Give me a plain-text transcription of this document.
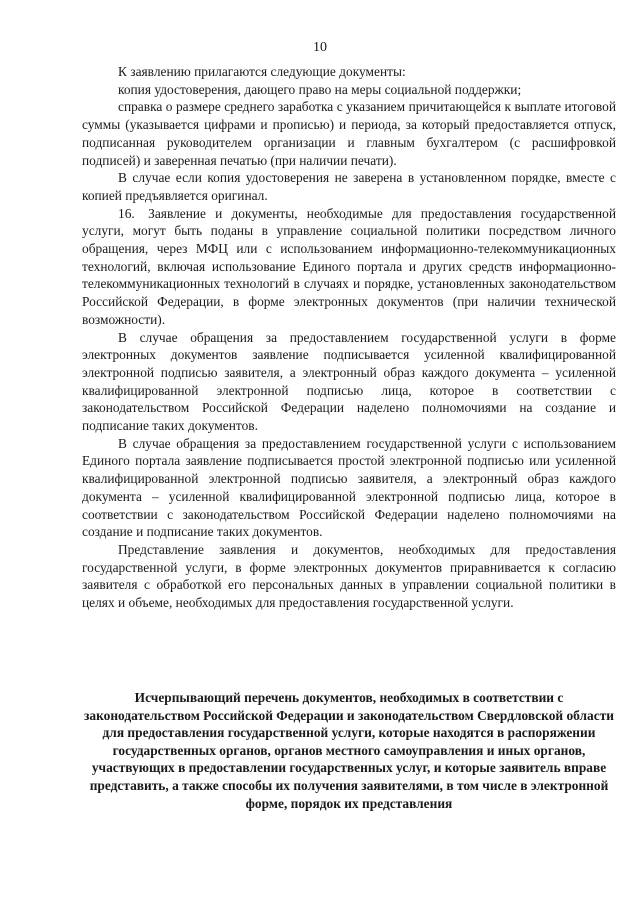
10

К заявлению прилагаются следующие документы:

копия удостоверения, дающего право на меры социальной поддержки;

справка о размере среднего заработка с указанием причитающейся к выплате итоговой суммы (указывается цифрами и прописью) и периода, за который предоставляется отпуск, подписанная руководителем организации и главным бухгалтером (с расшифровкой подписей) и заверенная печатью (при наличии печати).

В случае если копия удостоверения не заверена в установленном порядке, вместе с копией предъявляется оригинал.

16.  Заявление и документы, необходимые для предоставления государственной услуги, могут быть поданы в управление социальной политики посредством личного обращения, через МФЦ или с использованием информационно-телекоммуникационных технологий, включая использование Единого портала и других средств информационно-телекоммуникационных технологий в случаях и порядке, установленных законодательством Российской Федерации, в форме электронных документов (при наличии технической возможности).

В случае обращения за предоставлением государственной услуги в форме электронных документов заявление подписывается усиленной квалифицированной электронной подписью заявителя, а электронный образ каждого документа – усиленной квалифицированной электронной подписью лица, которое в соответствии с законодательством Российской Федерации наделено полномочиями на создание и подписание таких документов.

В случае обращения за предоставлением государственной услуги с использованием Единого портала заявление подписывается простой электронной подписью или усиленной квалифицированной электронной подписью заявителя, а электронный образ каждого документа – усиленной квалифицированной электронной подписью лица, которое в соответствии с законодательством Российской Федерации наделено полномочиями на создание и подписание таких документов.

Представление заявления и документов, необходимых для предоставления государственной услуги, в форме электронных документов приравнивается к согласию заявителя с обработкой его персональных данных в управлении социальной политики в целях и объеме, необходимых для предоставления государственной услуги.

Исчерпывающий перечень документов, необходимых в соответствии с законодательством Российской Федерации и законодательством Свердловской области для предоставления государственной услуги, которые находятся в распоряжении государственных органов, органов местного самоуправления и иных органов, участвующих в предоставлении государственных услуг, и которые заявитель вправе представить, а также способы их получения заявителями, в том числе в электронной форме, порядок их представления
